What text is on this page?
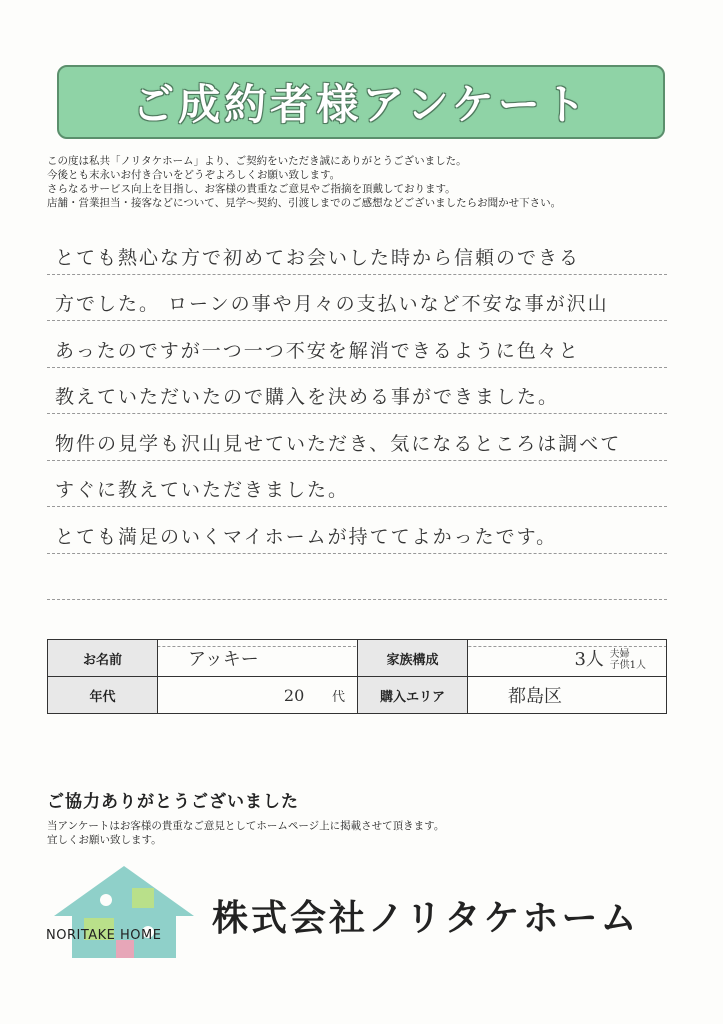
ご成約者様アンケート
この度は私共「ノリタケホーム」より、ご契約をいただき誠にありがとうございました。
今後とも末永いお付き合いをどうぞよろしくお願い致します。
さらなるサービス向上を目指し、お客様の貴重なご意見やご指摘を頂戴しております。
店舗・営業担当・接客などについて、見学～契約、引渡しまでのご感想などございましたらお聞かせ下さい。
とても熱心な方で初めてお会いした時から信頼のできる
方でした。 ローンの事や月々の支払いなど不安な事が沢山
あったのですが一つ一つ不安を解消できるように色々と
教えていただいたので購入を決める事ができました。
物件の見学も沢山見せていただき、気になるところは調べて
すぐに教えていただきました。
とても満足のいくマイホームが持ててよかったです。
お名前	アッキー	家族構成	3人 夫婦
子供1人
年代	20 代	購入エリア	都島区
ご協力ありがとうございました
当アンケートはお客様の貴重なご意見としてホームページ上に掲載させて頂きます。
宜しくお願い致します。
NORITAKE HOME 株式会社ノリタケホーム
